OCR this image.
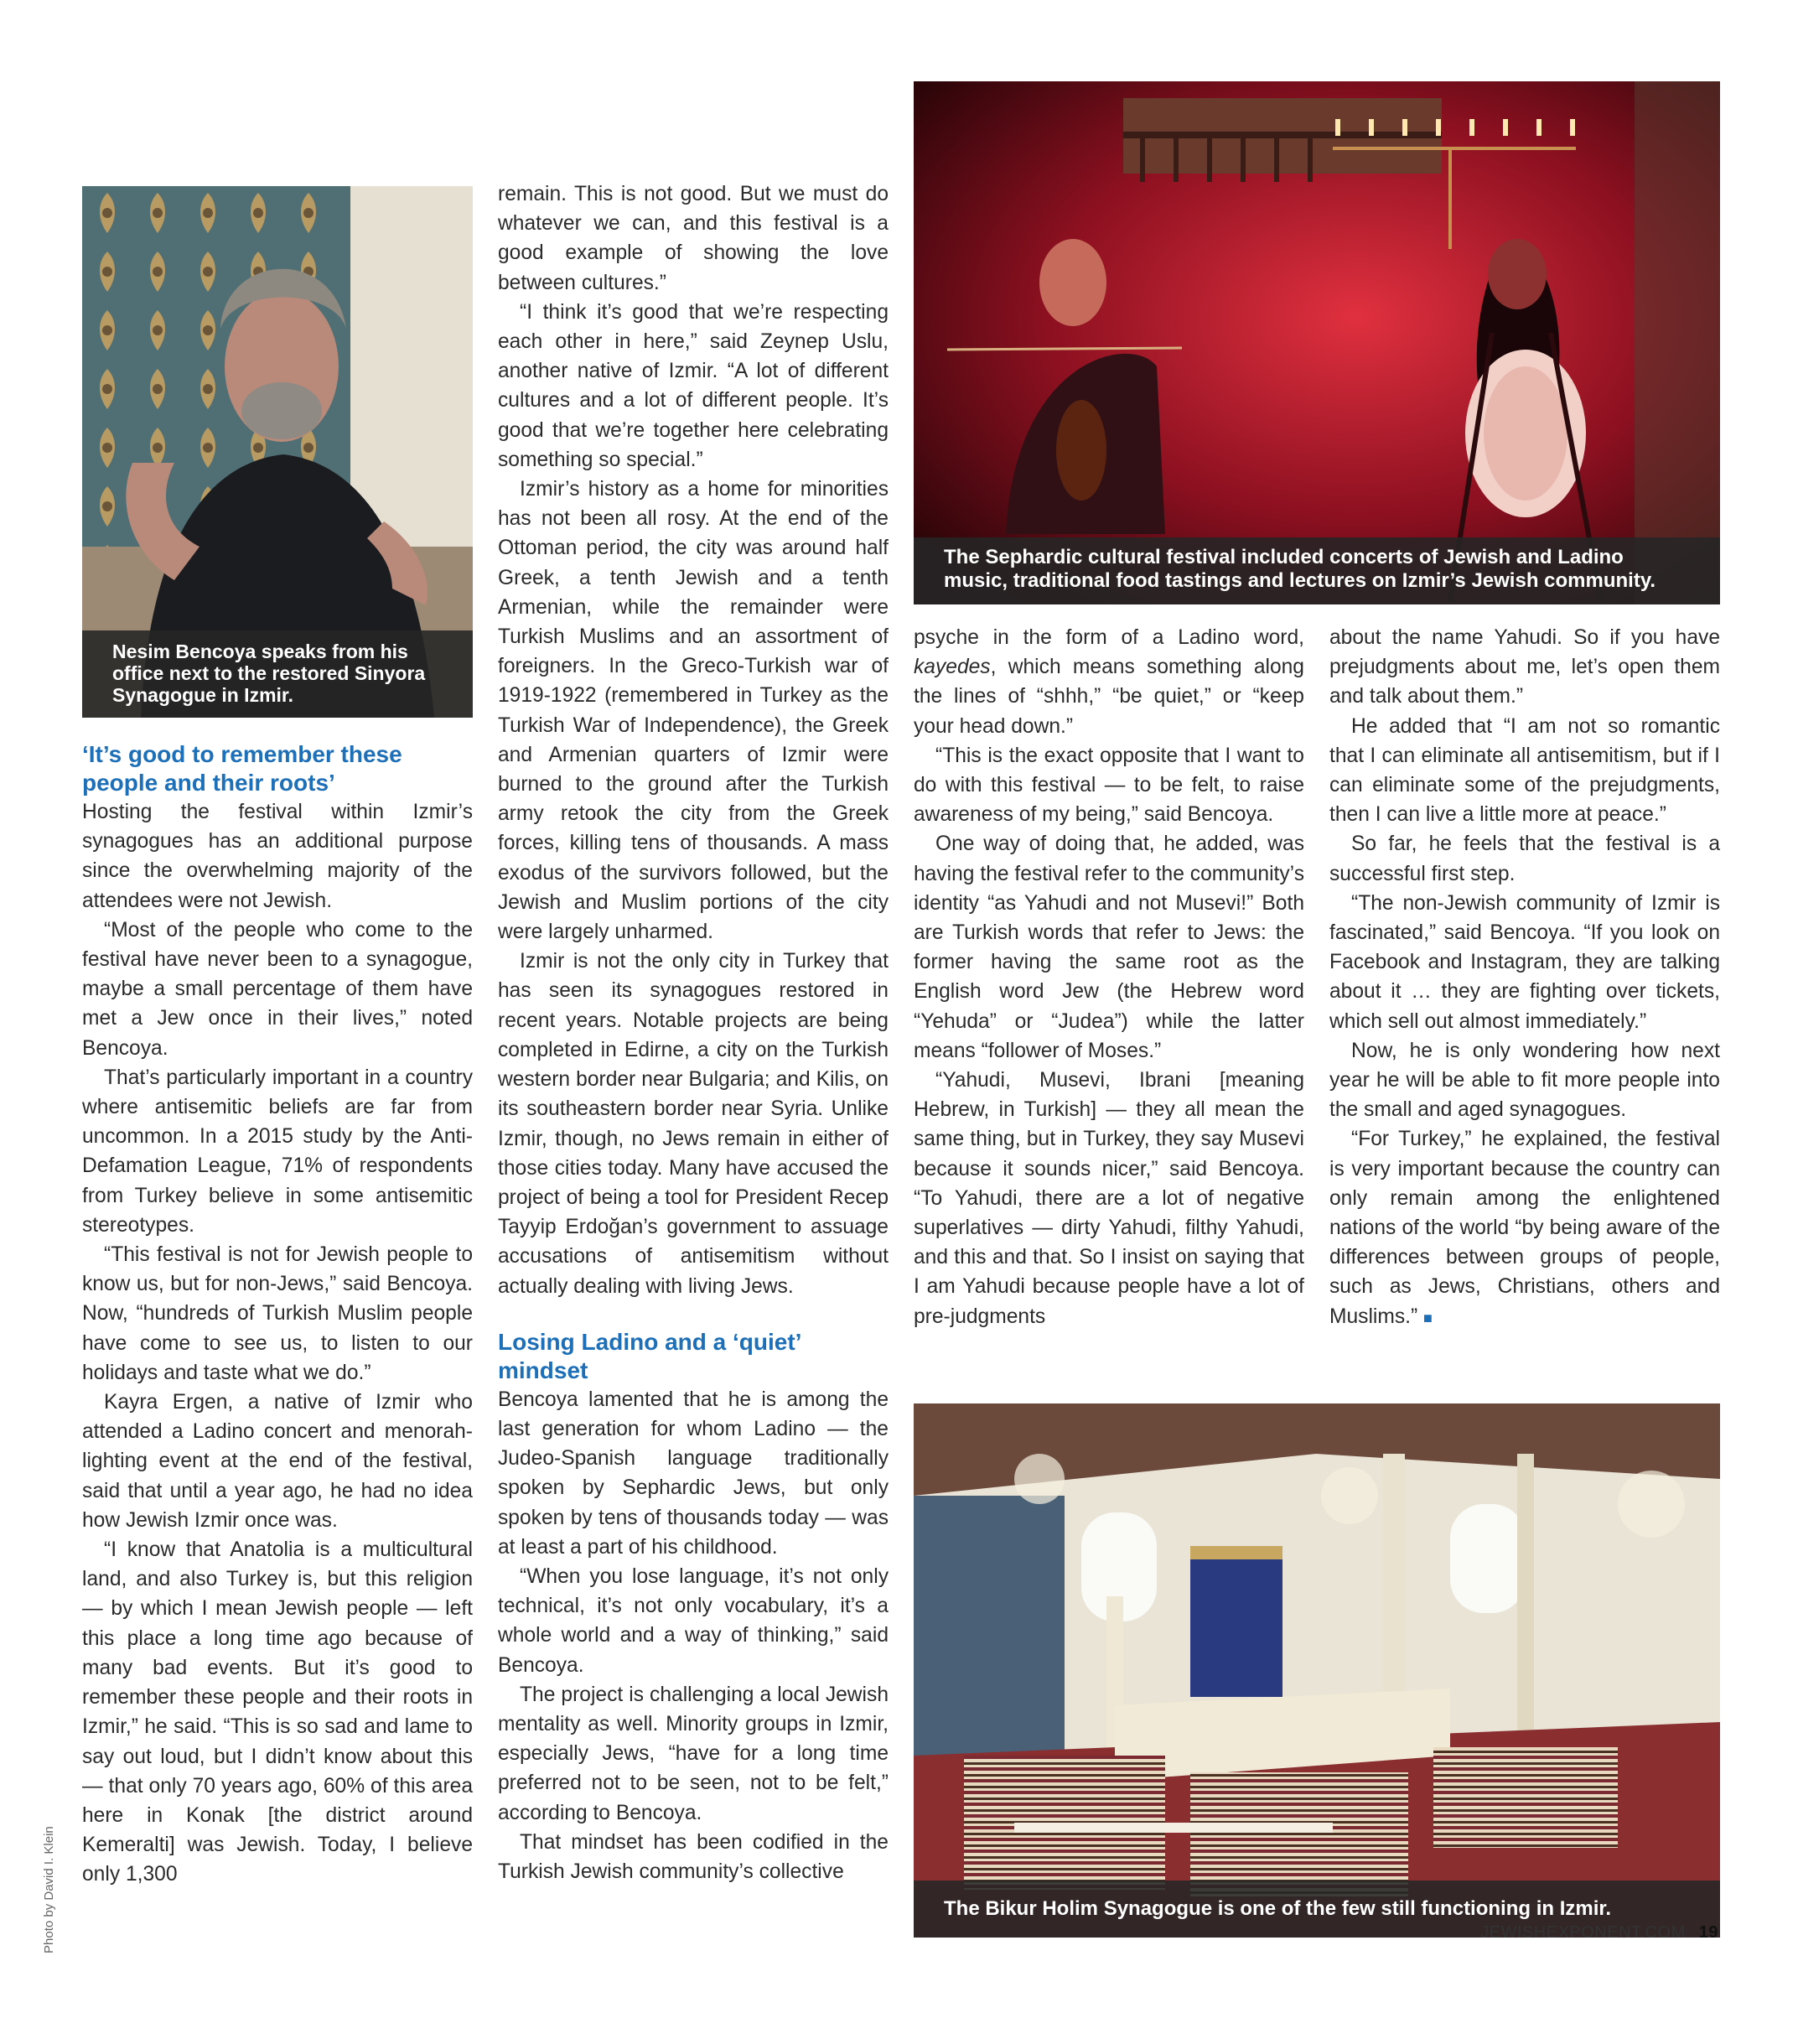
Nesim Bencoya speaks from his office next to the restored Sinyora Synagogue in Izmir.
The Sephardic cultural festival included concerts of Jewish and Ladino music, traditional food tastings and lectures on Izmir’s Jewish community.
The Bikur Holim Synagogue is one of the few still functioning in Izmir.
Photo by David I. Klein
‘It’s good to remember these people and their roots’

Hosting the festival within Izmir’s synagogues has an additional purpose since the overwhelming majority of the attendees were not Jewish.

“Most of the people who come to the festival have never been to a synagogue, maybe a small percentage of them have met a Jew once in their lives,” noted Bencoya.

That’s particularly important in a country where antisemitic beliefs are far from uncommon. In a 2015 study by the Anti-Defamation League, 71% of respondents from Turkey believe in some antisemitic stereotypes.

“This festival is not for Jewish people to know us, but for non-Jews,” said Bencoya. Now, “hundreds of Turkish Muslim people have come to see us, to listen to our holidays and taste what we do.”

Kayra Ergen, a native of Izmir who attended a Ladino concert and menorah-lighting event at the end of the festival, said that until a year ago, he had no idea how Jewish Izmir once was.

“I know that Anatolia is a multicultural land, and also Turkey is, but this religion — by which I mean Jewish people — left this place a long time ago because of many bad events. But it’s good to remember these people and their roots in Izmir,” he said. “This is so sad and lame to say out loud, but I didn’t know about this — that only 70 years ago, 60% of this area here in Konak [the district around Kemeralti] was Jewish. Today, I believe only 1,300

remain. This is not good. But we must do whatever we can, and this festival is a good example of showing the love between cultures.”

“I think it’s good that we’re respecting each other in here,” said Zeynep Uslu, another native of Izmir. “A lot of different cultures and a lot of different people. It’s good that we’re together here celebrating something so special.”

Izmir’s history as a home for minorities has not been all rosy. At the end of the Ottoman period, the city was around half Greek, a tenth Jewish and a tenth Armenian, while the remainder were Turkish Muslims and an assortment of foreigners. In the Greco-Turkish war of 1919-1922 (remembered in Turkey as the Turkish War of Independence), the Greek and Armenian quarters of Izmir were burned to the ground after the Turkish army retook the city from the Greek forces, killing tens of thousands. A mass exodus of the survivors followed, but the Jewish and Muslim portions of the city were largely unharmed.

Izmir is not the only city in Turkey that has seen its synagogues restored in recent years. Notable projects are being completed in Edirne, a city on the Turkish western border near Bulgaria; and Kilis, on its southeastern border near Syria. Unlike Izmir, though, no Jews remain in either of those cities today. Many have accused the project of being a tool for President Recep Tayyip Erdoğan’s government to assuage accusations of antisemitism without actually dealing with living Jews.

Losing Ladino and a ‘quiet’ mindset

Bencoya lamented that he is among the last generation for whom Ladino — the Judeo-Spanish language traditionally spoken by Sephardic Jews, but only spoken by tens of thousands today — was at least a part of his childhood.

“When you lose language, it’s not only technical, it’s not only vocabulary, it’s a whole world and a way of thinking,” said Bencoya.

The project is challenging a local Jewish mentality as well. Minority groups in Izmir, especially Jews, “have for a long time preferred not to be seen, not to be felt,” according to Bencoya.

That mindset has been codified in the Turkish Jewish community’s collective

psyche in the form of a Ladino word, kayedes, which means something along the lines of “shhh,” “be quiet,” or “keep your head down.”

“This is the exact opposite that I want to do with this festival — to be felt, to raise awareness of my being,” said Bencoya.

One way of doing that, he added, was having the festival refer to the community’s identity “as Yahudi and not Musevi!” Both are Turkish words that refer to Jews: the former having the same root as the English word Jew (the Hebrew word “Yehuda” or “Judea”) while the latter means “follower of Moses.”

“Yahudi, Musevi, Ibrani [meaning Hebrew, in Turkish] — they all mean the same thing, but in Turkey, they say Musevi because it sounds nicer,” said Bencoya. “To Yahudi, there are a lot of negative superlatives — dirty Yahudi, filthy Yahudi, and this and that. So I insist on saying that I am Yahudi because people have a lot of pre-judgments

about the name Yahudi. So if you have prejudgments about me, let’s open them and talk about them.”

He added that “I am not so romantic that I can eliminate all antisemitism, but if I can eliminate some of the prejudgments, then I can live a little more at peace.”

So far, he feels that the festival is a successful first step.

“The non-Jewish community of Izmir is fascinated,” said Bencoya. “If you look on Facebook and Instagram, they are talking about it … they are fighting over tickets, which sell out almost immediately.”

Now, he is only wondering how next year he will be able to fit more people into the small and aged synagogues.

“For Turkey,” he explained, the festival is very important because the country can only remain among the enlightened nations of the world “by being aware of the differences between groups of people, such as Jews, Christians, others and Muslims.” ■

JEWISHEXPONENT.COM 19
